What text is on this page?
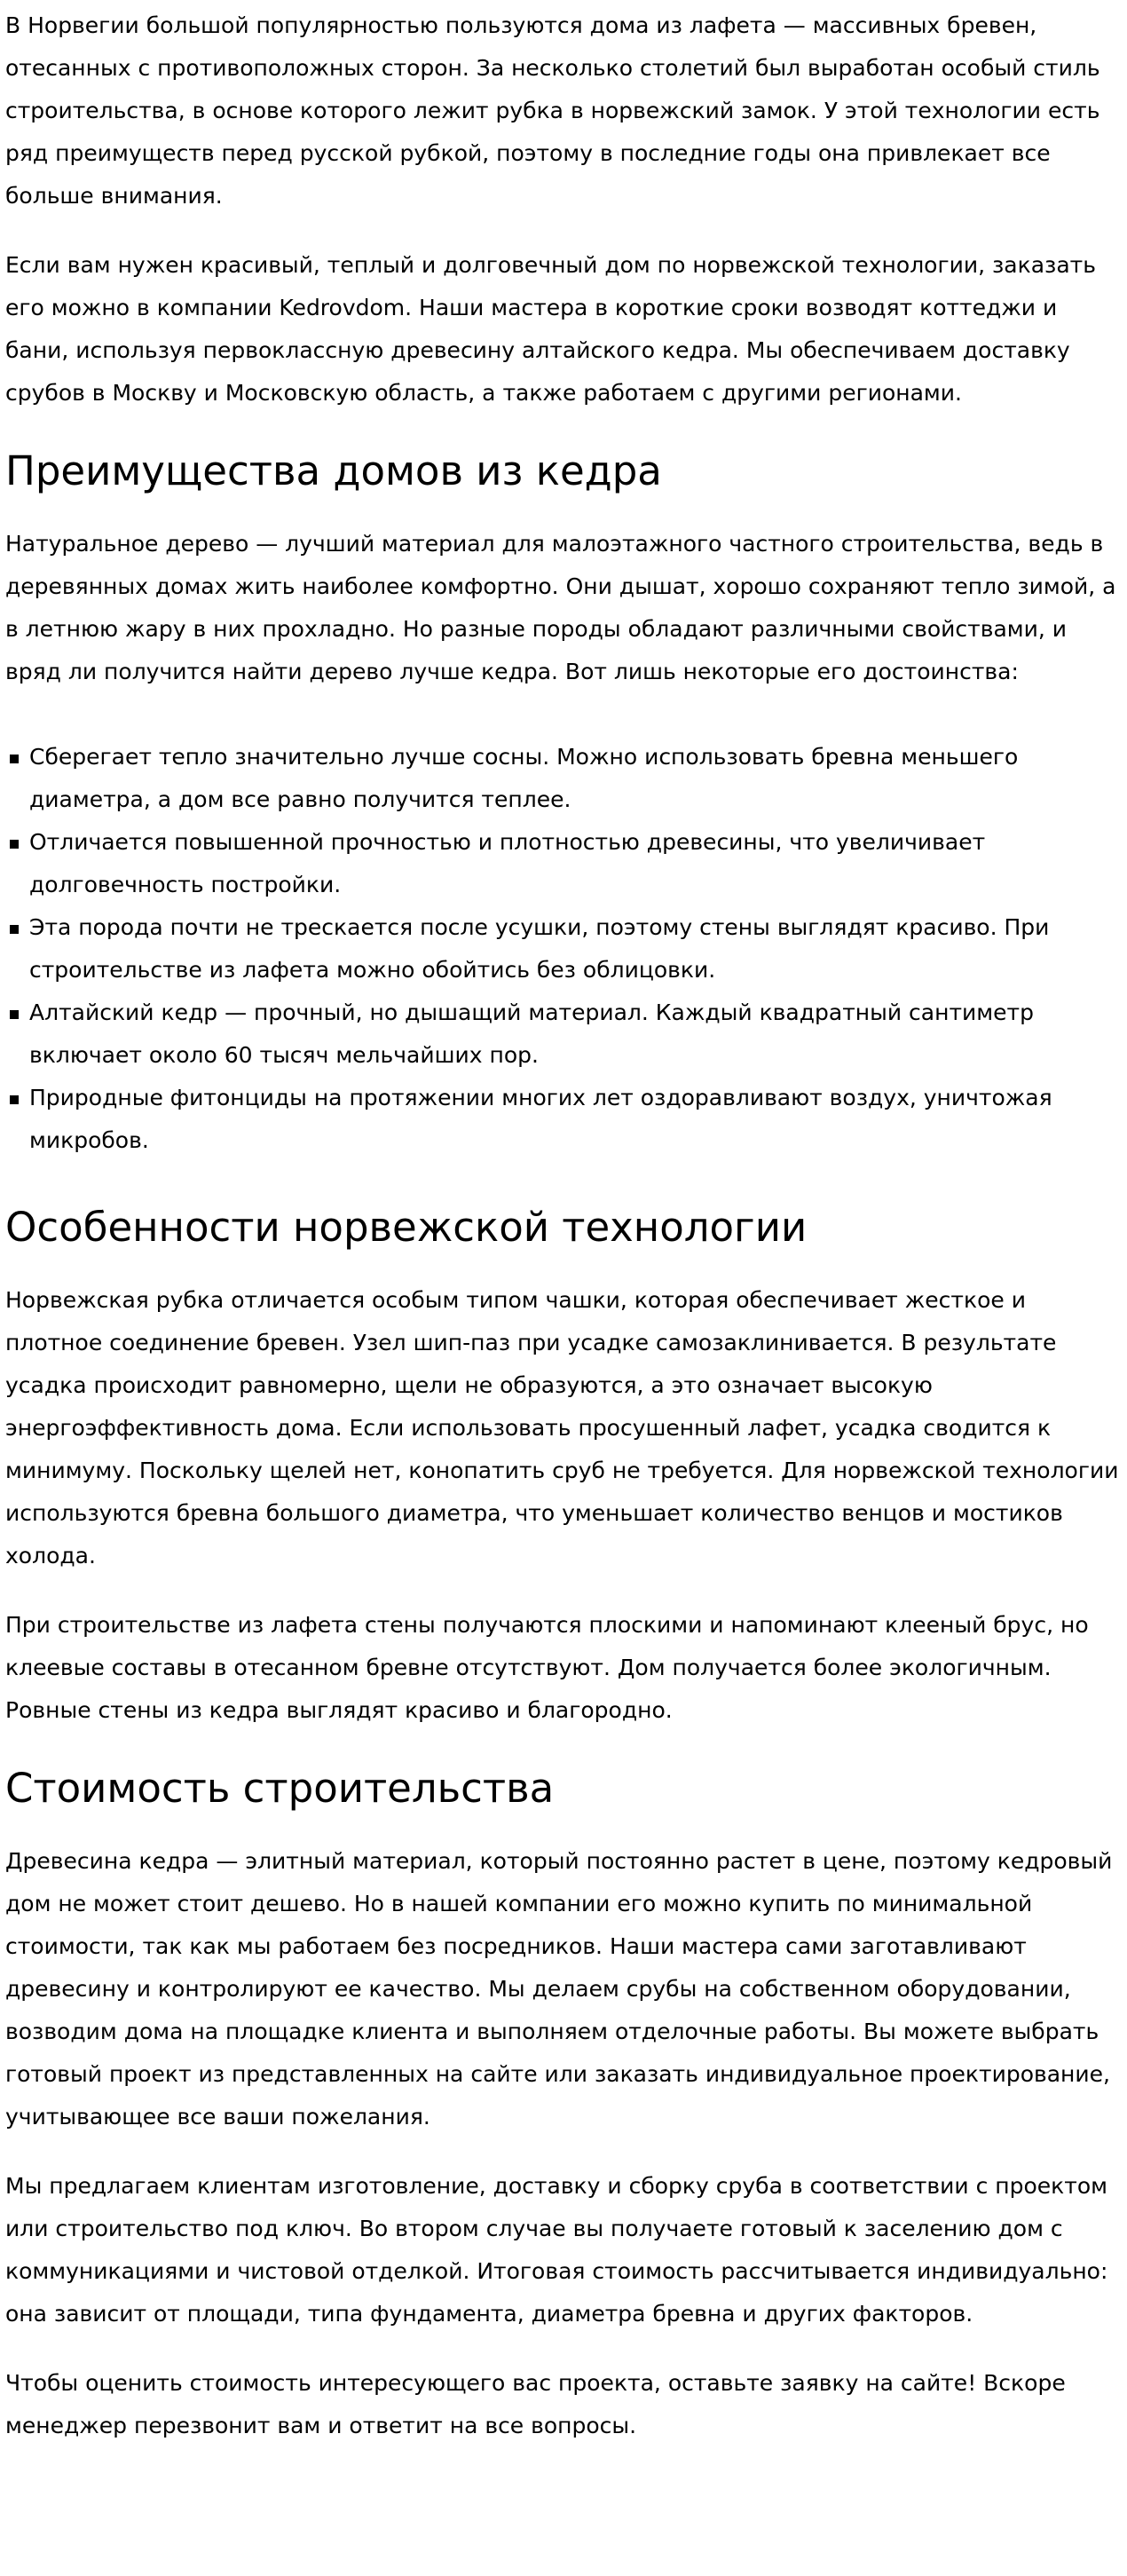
В Норвегии большой популярностью пользуются дома из лафета — массивных бревен, отесанных с противоположных сторон. За несколько столетий был выработан особый стиль строительства, в основе которого лежит рубка в норвежский замок. У этой технологии есть ряд преимуществ перед русской рубкой, поэтому в последние годы она привлекает все больше внимания.

Если вам нужен красивый, теплый и долговечный дом по норвежской технологии, заказать его можно в компании Kedrovdom. Наши мастера в короткие сроки возводят коттеджи и бани, используя первоклассную древесину алтайского кедра. Мы обеспечиваем доставку срубов в Москву и Московскую область, а также работаем с другими регионами.

Преимущества домов из кедра

Натуральное дерево — лучший материал для малоэтажного частного строительства, ведь в деревянных домах жить наиболее комфортно. Они дышат, хорошо сохраняют тепло зимой, а в летнюю жару в них прохладно. Но разные породы обладают различными свойствами, и вряд ли получится найти дерево лучше кедра. Вот лишь некоторые его достоинства:

Сберегает тепло значительно лучше сосны. Можно использовать бревна меньшего диаметра, а дом все равно получится теплее.
Отличается повышенной прочностью и плотностью древесины, что увеличивает долговечность постройки.
Эта порода почти не трескается после усушки, поэтому стены выглядят красиво. При строительстве из лафета можно обойтись без облицовки.
Алтайский кедр — прочный, но дышащий материал. Каждый квадратный сантиметр включает около 60 тысяч мельчайших пор.
Природные фитонциды на протяжении многих лет оздоравливают воздух, уничтожая микробов.
Особенности норвежской технологии

Норвежская рубка отличается особым типом чашки, которая обеспечивает жесткое и плотное соединение бревен. Узел шип-паз при усадке самозаклинивается. В результате усадка происходит равномерно, щели не образуются, а это означает высокую энергоэффективность дома. Если использовать просушенный лафет, усадка сводится к минимуму. Поскольку щелей нет, конопатить сруб не требуется. Для норвежской технологии используются бревна большого диаметра, что уменьшает количество венцов и мостиков холода.

При строительстве из лафета стены получаются плоскими и напоминают клееный брус, но клеевые составы в отесанном бревне отсутствуют. Дом получается более экологичным. Ровные стены из кедра выглядят красиво и благородно.

Стоимость строительства

Древесина кедра — элитный материал, который постоянно растет в цене, поэтому кедровый дом не может стоит дешево. Но в нашей компании его можно купить по минимальной стоимости, так как мы работаем без посредников. Наши мастера сами заготавливают древесину и контролируют ее качество. Мы делаем срубы на собственном оборудовании, возводим дома на площадке клиента и выполняем отделочные работы. Вы можете выбрать готовый проект из представленных на сайте или заказать индивидуальное проектирование, учитывающее все ваши пожелания.

Мы предлагаем клиентам изготовление, доставку и сборку сруба в соответствии с проектом или строительство под ключ. Во втором случае вы получаете готовый к заселению дом с коммуникациями и чистовой отделкой. Итоговая стоимость рассчитывается индивидуально: она зависит от площади, типа фундамента, диаметра бревна и других факторов.

Чтобы оценить стоимость интересующего вас проекта, оставьте заявку на сайте! Вскоре менеджер перезвонит вам и ответит на все вопросы.
